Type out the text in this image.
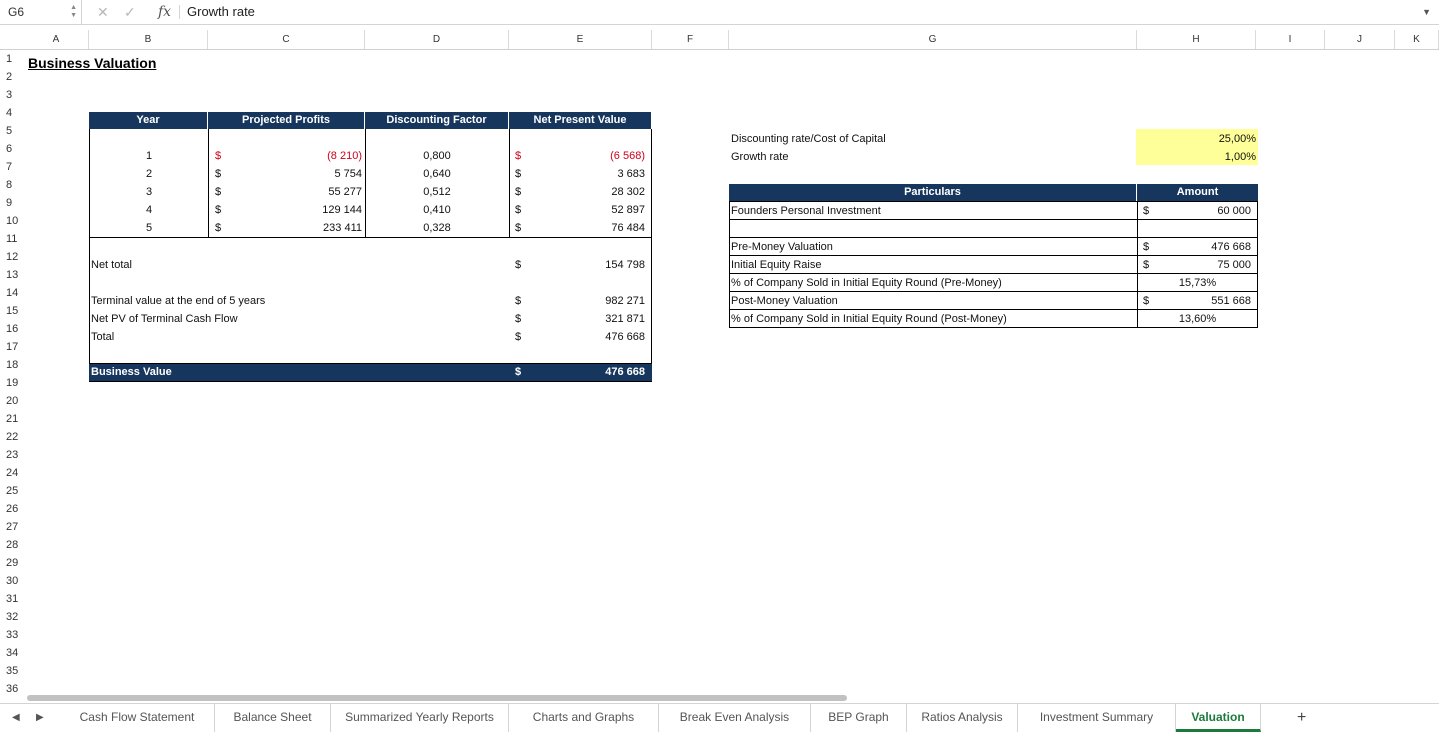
G6	▲
▼ ✕ ✓ fx Growth rate	▼
A	B	C	D	E	F	G	H	I	J	K
1
2
3
4
5
6
7
8
9
10
11
12
13
14
15
16
17
18
19
20
21
22
23
24
25
26
27
28
29
30
31
32
33
34
35
36
Business Valuation
Year	Projected Profits	Discounting Factor	Net Present Value
1	$	(8 210)	0,800	$	(6 568)
2	$	5 754	0,640	$	3 683
3	$	55 277	0,512	$	28 302
4	$	129 144	0,410	$	52 897
5	$	233 411	0,328	$	76 484
Net total	$	154 798
Terminal value at the end of 5 years	$	982 271
Net PV of Terminal Cash Flow	$	321 871
Total	$	476 668
Business Value	$	476 668
Discounting rate/Cost of Capital	25,00%
Growth rate	1,00%
Particulars	Amount
Founders Personal Investment	$	60 000
Pre-Money Valuation	$	476 668
Initial Equity Raise	$	75 000
% of Company Sold in Initial Equity Round (Pre-Money)	15,73%
Post-Money Valuation	$	551 668
% of Company Sold in Initial Equity Round (Post-Money)	13,60%
◀ ▶	Cash Flow Statement	Balance Sheet	Summarized Yearly Reports	Charts and Graphs	Break Even Analysis	BEP Graph	Ratios Analysis	Investment Summary	Valuation	+
